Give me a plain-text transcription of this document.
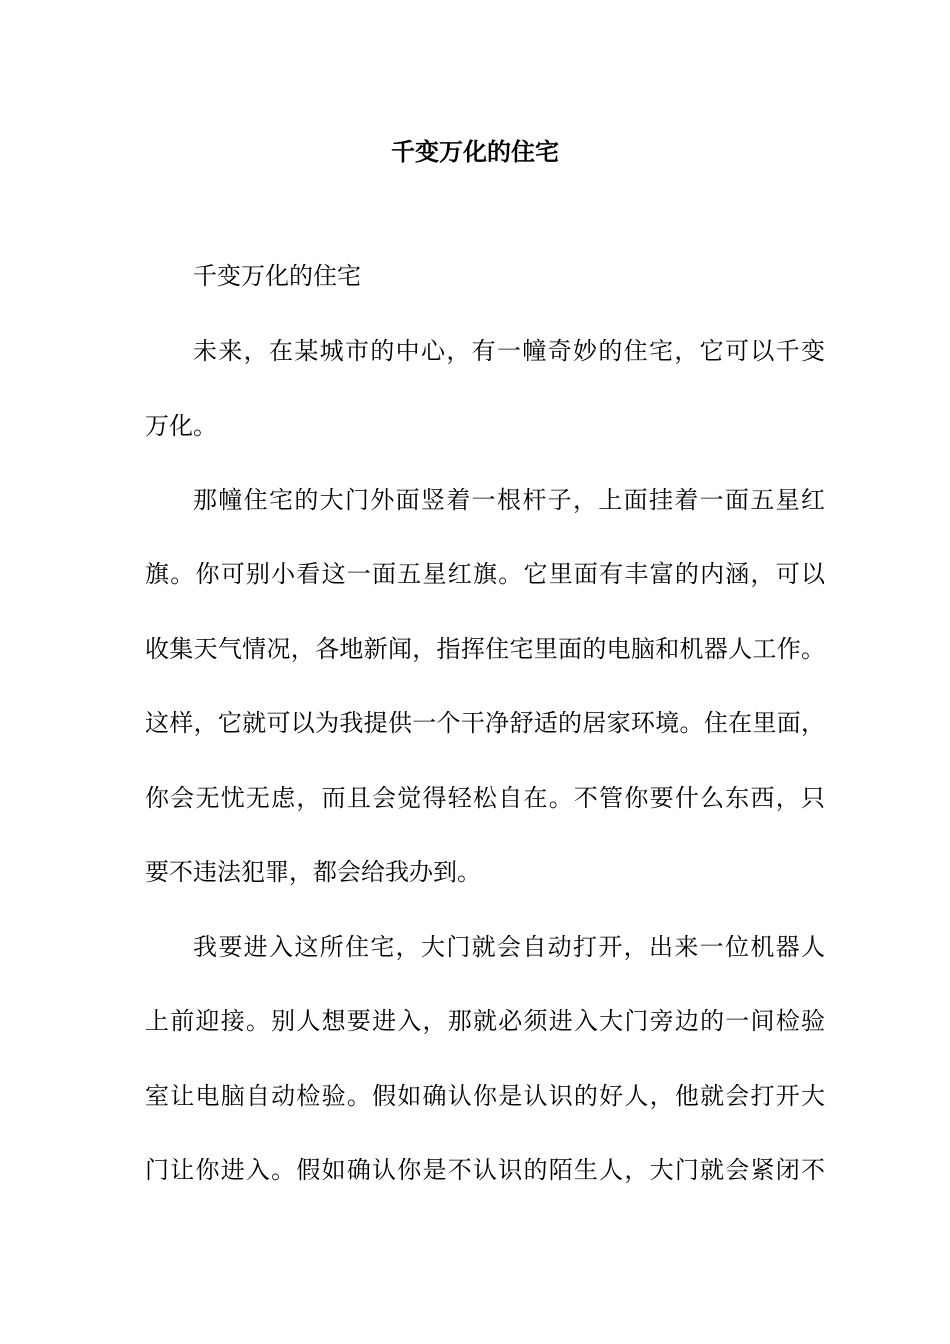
千变万化的住宅

千变万化的住宅

未来，在某城市的中心，有一幢奇妙的住宅，它可以千变

万化。

那幢住宅的大门外面竖着一根杆子，上面挂着一面五星红

旗。你可别小看这一面五星红旗。它里面有丰富的内涵，可以

收集天气情况，各地新闻，指挥住宅里面的电脑和机器人工作。

这样，它就可以为我提供一个干净舒适的居家环境。住在里面，

你会无忧无虑，而且会觉得轻松自在。不管你要什么东西，只

要不违法犯罪，都会给我办到。

我要进入这所住宅，大门就会自动打开，出来一位机器人

上前迎接。别人想要进入，那就必须进入大门旁边的一间检验

室让电脑自动检验。假如确认你是认识的好人，他就会打开大

门让你进入。假如确认你是不认识的陌生人，大门就会紧闭不
